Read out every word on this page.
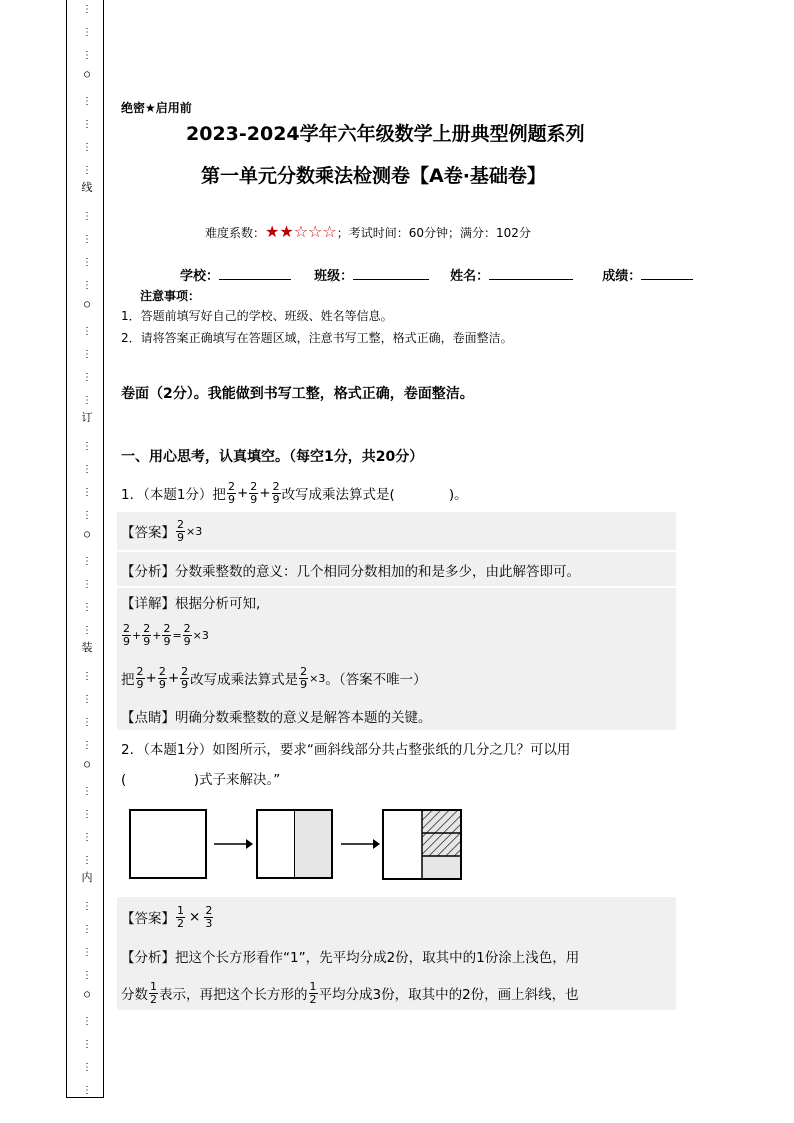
⋮
⋮
⋮
○
⋮
⋮
⋮
⋮
线
⋮
⋮
⋮
⋮
○
⋮
⋮
⋮
⋮
订
⋮
⋮
⋮
⋮
○
⋮
⋮
⋮
⋮
装
⋮
⋮
⋮
⋮
○
⋮
⋮
⋮
⋮
内
⋮
⋮
⋮
⋮
○
⋮
⋮
⋮
⋮
绝密★启用前
2023-2024学年六年级数学上册典型例题系列
第一单元分数乘法检测卷【A卷·基础卷】
难度系数：★★☆☆☆；考试时间：60分钟；满分：102分
学校：	班级：	姓名：	成绩：
注意事项：
1．答题前填写好自己的学校、班级、姓名等信息。
2．请将答案正确填写在答题区域，注意书写工整，格式正确，卷面整洁。
卷面（2分）。我能做到书写工整，格式正确，卷面整洁。
一、用心思考，认真填空。（每空1分，共20分）
1．（本题1分）把 $\frac{2}{9} + \frac{2}{9} + \frac{2}{9}$ 改写成乘法算式是(　　　　)。
【答案】 $\frac{2}{9} \times 3$
【分析】分数乘整数的意义：几个相同分数相加的和是多少，由此解答即可。
【详解】根据分析可知,
$\frac{2}{9} + \frac{2}{9} + \frac{2}{9} = \frac{2}{9} \times 3$
把 $\frac{2}{9} + \frac{2}{9} + \frac{2}{9}$ 改写成乘法算式是 $\frac{2}{9} \times 3$ 。（答案不唯一）
【点睛】明确分数乘整数的意义是解答本题的关键。
2．（本题1分）如图所示，要求“画斜线部分共占整张纸的几分之几？可以用
(　　　　　)式子来解决。”
【答案】 $\frac{1}{2} \times \frac{2}{3}$
【分析】把这个长方形看作“1”，先平均分成2份，取其中的1份涂上浅色，用
分数 $\frac{1}{2}$ 表示，再把这个长方形的 $\frac{1}{2}$ 平均分成3份，取其中的2份，画上斜线，也
